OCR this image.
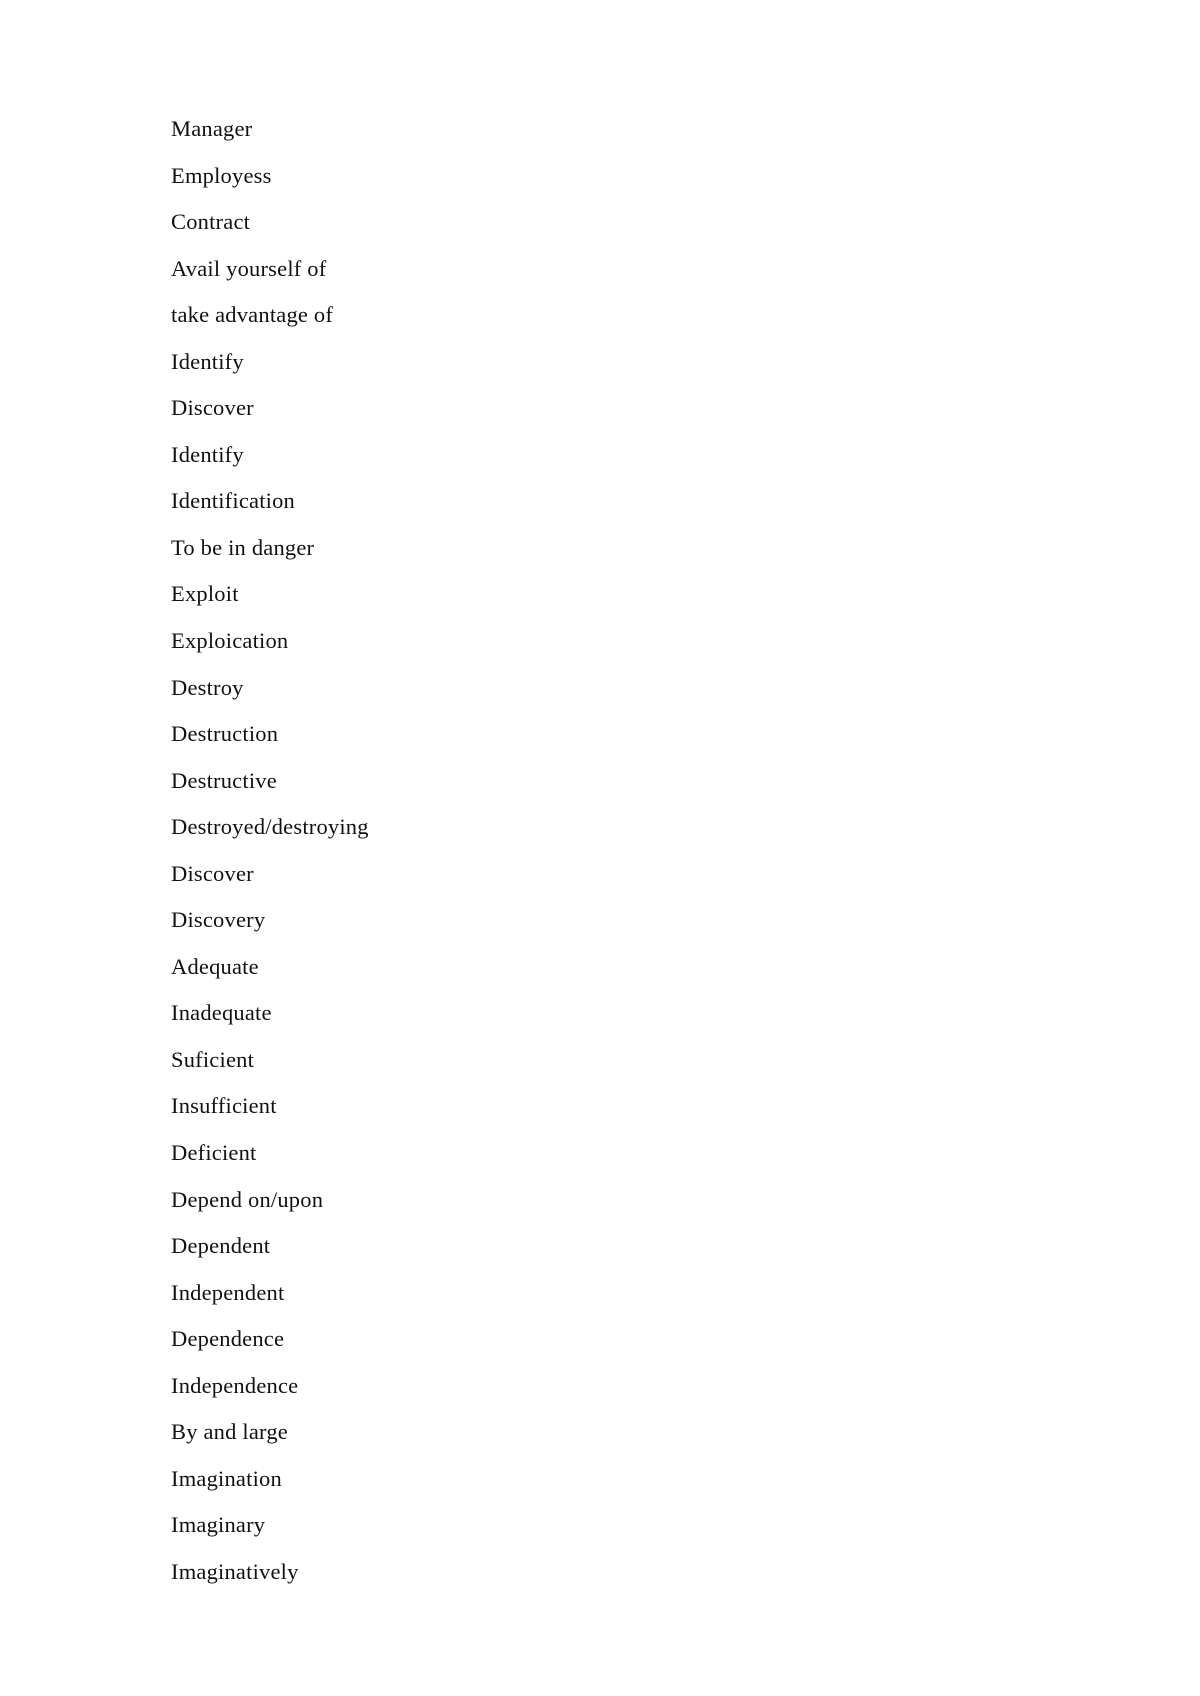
Manager
Employess
Contract
Avail yourself of
take advantage of
Identify
Discover
Identify
Identification
To be in danger
Exploit
Exploication
Destroy
Destruction
Destructive
Destroyed/destroying
Discover
Discovery
Adequate
Inadequate
Suficient
Insufficient
Deficient
Depend on/upon
Dependent
Independent
Dependence
Independence
By and large
Imagination
Imaginary
Imaginatively
